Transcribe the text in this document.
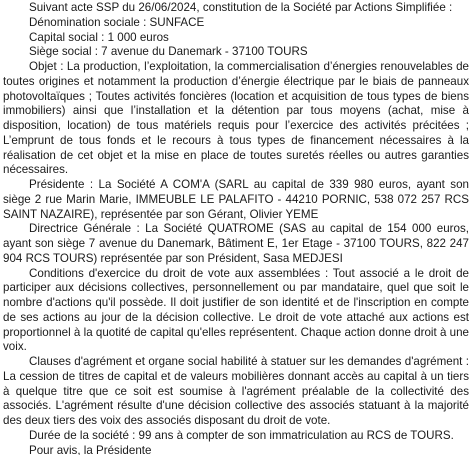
Suivant acte SSP du 26/06/2024, constitution de la Société par Actions Simplifiée :

Dénomination sociale : SUNFACE

Capital social : 1 000 euros

Siège social : 7 avenue du Danemark - 37100 TOURS

Objet : La production, l’exploitation, la commercialisation d’énergies renouvelables de toutes origines et notamment la production d’énergie électrique par le biais de panneaux photovoltaïques ; Toutes activités foncières (location et acquisition de tous types de biens immobiliers) ainsi que l’installation et la détention par tous moyens (achat, mise à disposition, location) de tous matériels requis pour l’exercice des activités précitées ; L’emprunt de tous fonds et le recours à tous types de financement nécessaires à la réalisation de cet objet et la mise en place de toutes suretés réelles ou autres garanties nécessaires.

Présidente : La Société A COM'A (SARL au capital de 339 980 euros, ayant son siège 2 rue Marin Marie, IMMEUBLE LE PALAFITO - 44210 PORNIC, 538 072 257 RCS SAINT NAZAIRE), représentée par son Gérant, Olivier YEME

Directrice Générale : La Société QUATROME (SAS au capital de 154 000 euros, ayant son siège 7 avenue du Danemark, Bâtiment E, 1er Etage - 37100 TOURS, 822 247 904 RCS TOURS) représentée par son Président, Sasa MEDJESI

Conditions d'exercice du droit de vote aux assemblées : Tout associé a le droit de participer aux décisions collectives, personnellement ou par mandataire, quel que soit le nombre d'actions qu'il possède. Il doit justifier de son identité et de l'inscription en compte de ses actions au jour de la décision collective. Le droit de vote attaché aux actions est proportionnel à la quotité de capital qu'elles représentent. Chaque action donne droit à une voix.

Clauses d'agrément et organe social habilité à statuer sur les demandes d'agrément : La cession de titres de capital et de valeurs mobilières donnant accès au capital à un tiers à quelque titre que ce soit est soumise à l'agrément préalable de la collectivité des associés. L'agrément résulte d'une décision collective des associés statuant à la majorité des deux tiers des voix des associés disposant du droit de vote.

Durée de la société : 99 ans à compter de son immatriculation au RCS de TOURS.

Pour avis, la Présidente
